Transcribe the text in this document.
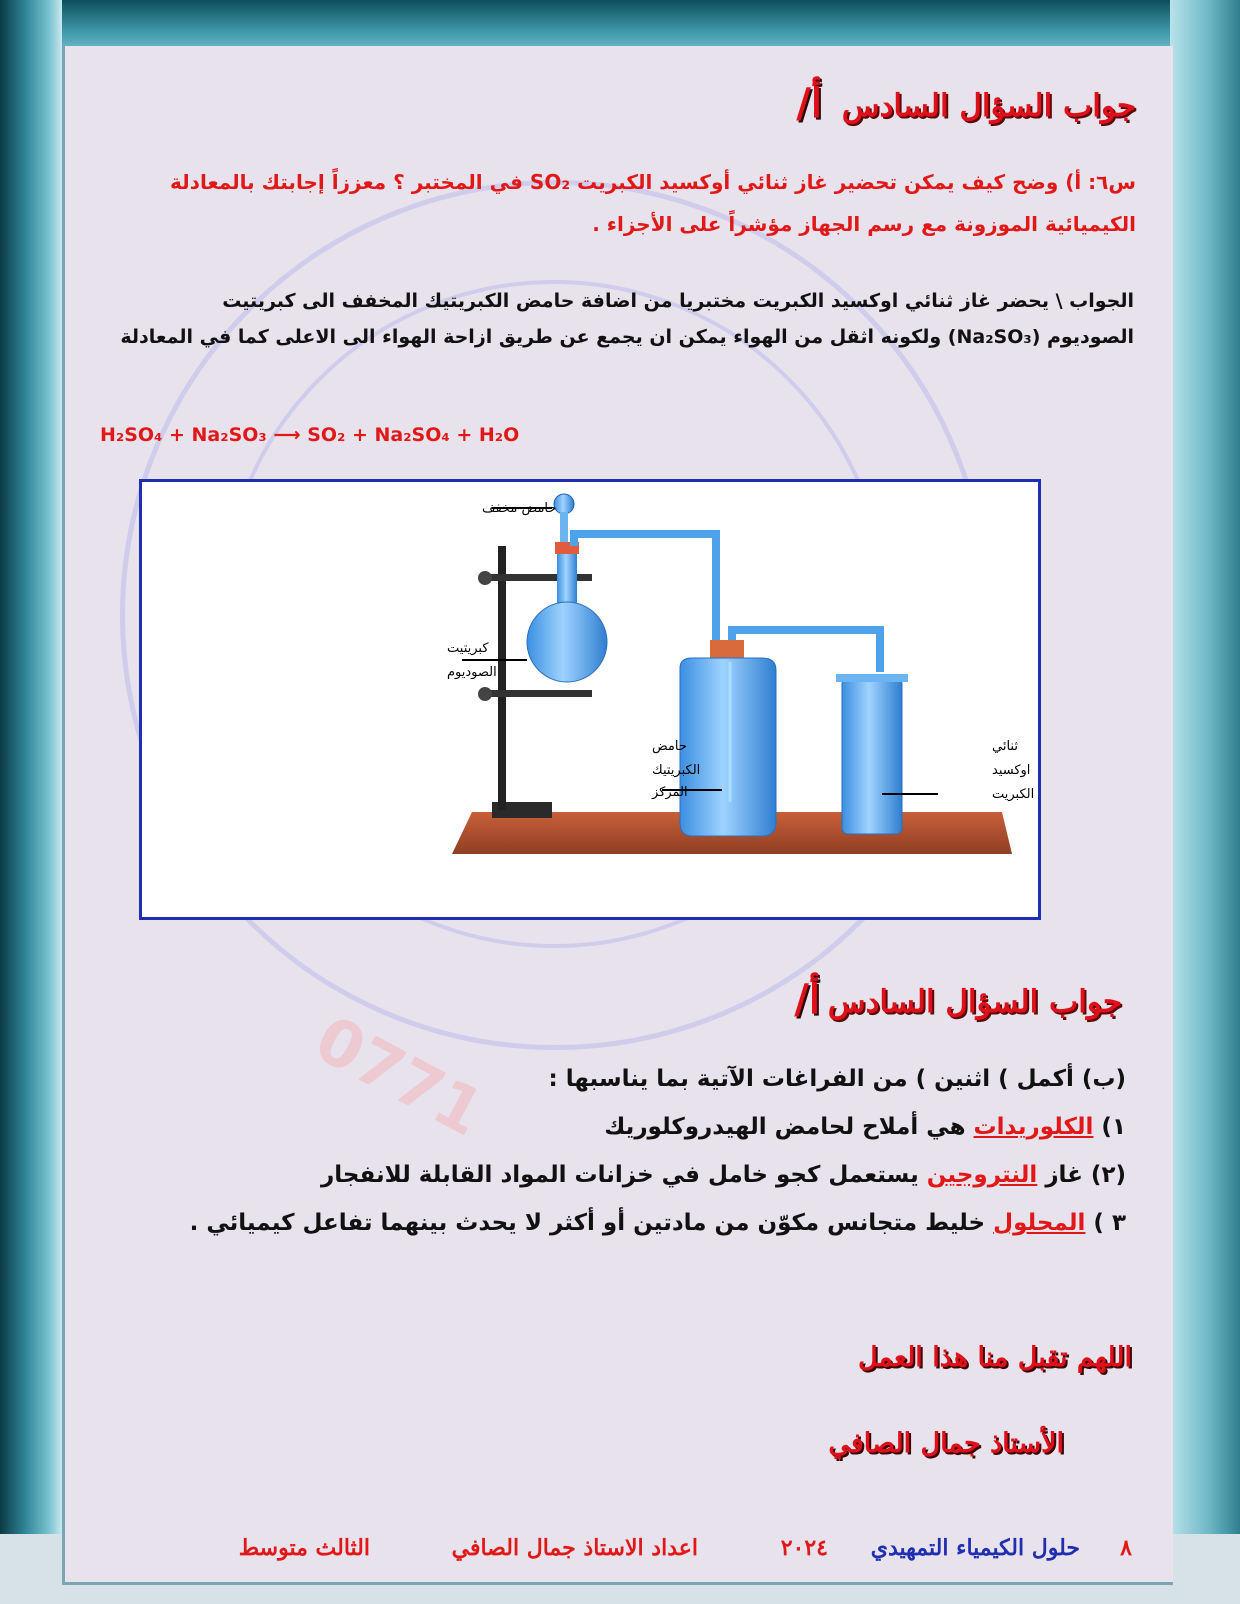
0771
جواب السؤال السادس
أ/
س٦: أ) وضح كيف يمكن تحضير غاز ثنائي أوكسيد الكبريت SO₂ في المختبر ؟ معززاً إجابتك بالمعادلة
الكيميائية الموزونة مع رسم الجهاز مؤشراً على الأجزاء .
الجواب \ يحضر غاز ثنائي اوكسيد الكبريت مختبريا من اضافة حامض الكبريتيك المخفف الى كبريتيت
الصوديوم (Na₂SO₃) ولكونه اثقل من الهواء يمكن ان يجمع عن طريق ازاحة الهواء الى الاعلى كما في المعادلة
H₂SO₄ + Na₂SO₃ ⟶ SO₂ + Na₂SO₄ + H₂O
حامض مخفف
كبريتيت
الصوديوم
حامض
الكبريتيك
المركز
ثنائي
اوكسيد
الكبريت
جواب السؤال السادس
أ/
(ب) أكمل ) اثنين ) من الفراغات الآتية بما يناسبها :
١) الكلوريدات هي أملاح لحامض الهيدروكلوريك
(٢) غاز النتروجين يستعمل كجو خامل في خزانات المواد القابلة للانفجار
٣ ) المحلول خليط متجانس مكوّن من مادتين أو أكثر لا يحدث بينهما تفاعل كيميائي .
اللهم تقبل منا هذا العمل
الأستاذ جمال الصافي
٨
حلول الكيمياء التمهيدي
٢٠٢٤
اعداد الاستاذ جمال الصافي
الثالث متوسط
